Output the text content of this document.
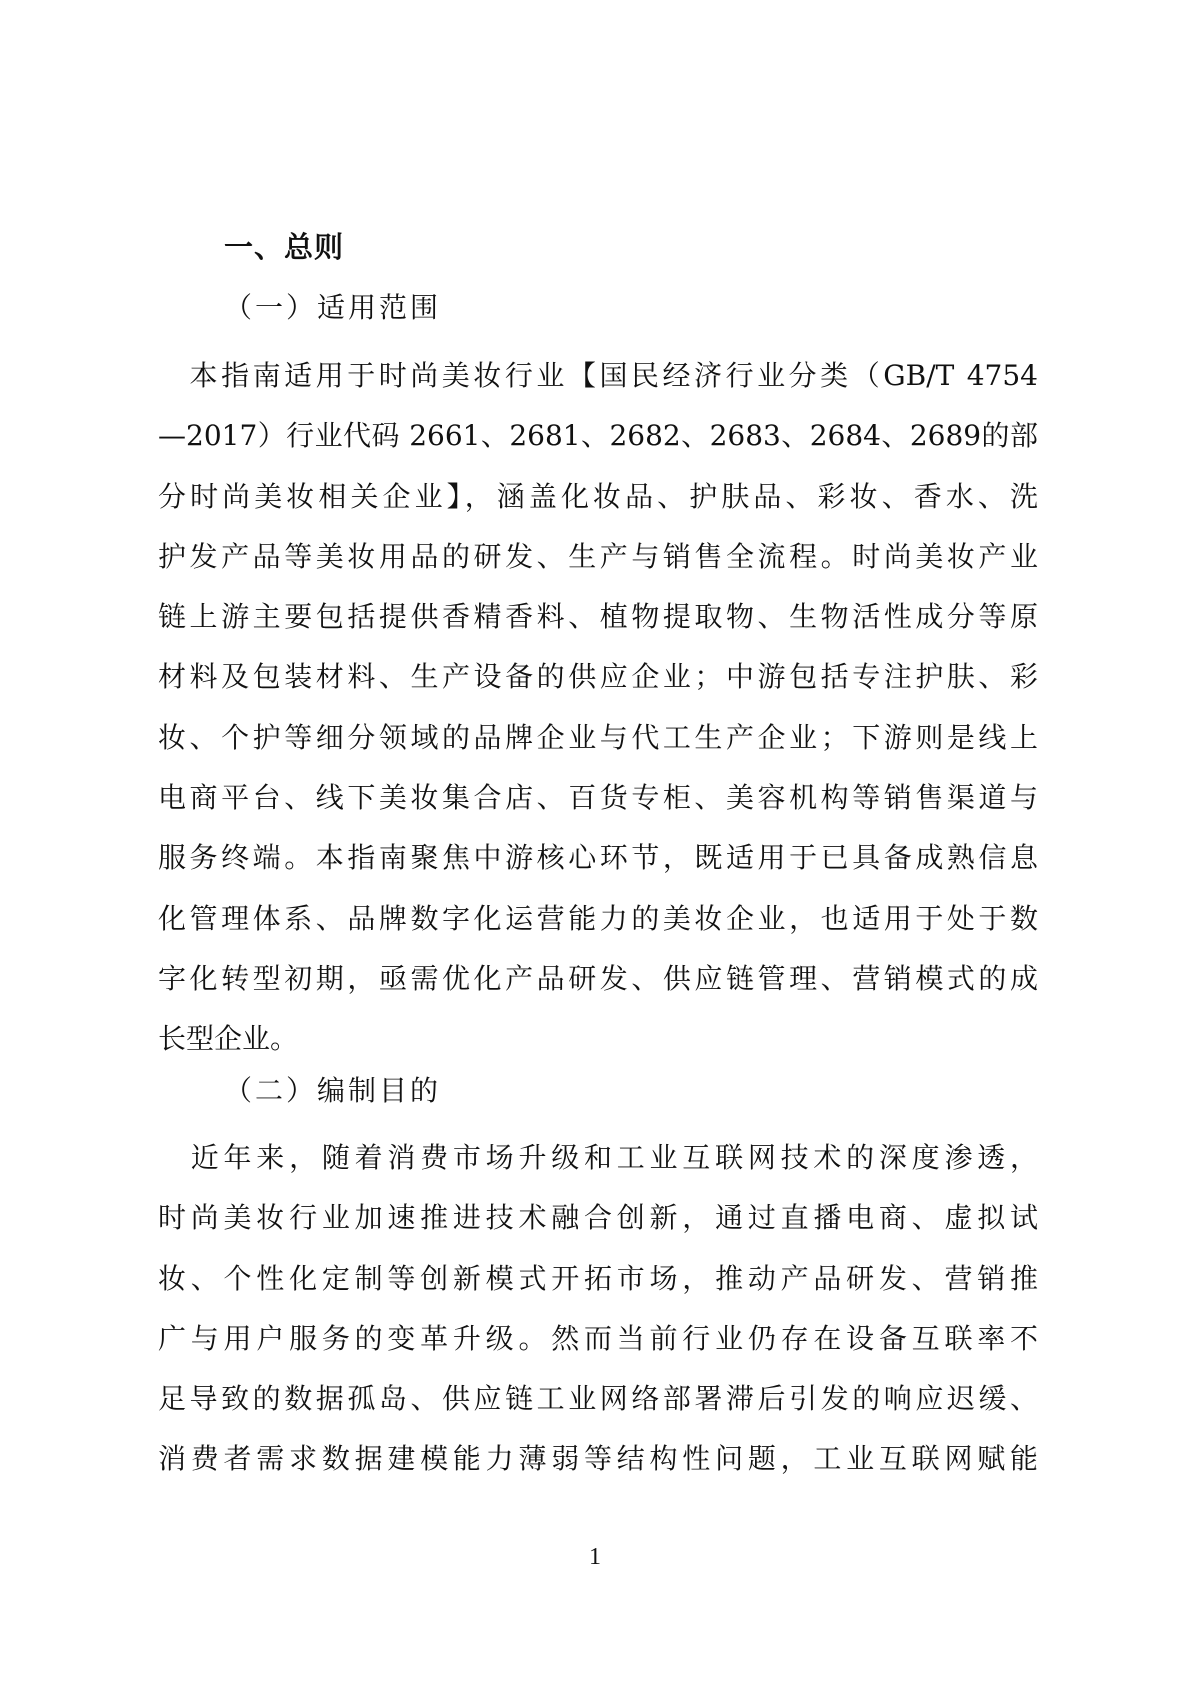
一、总则
（一）适用范围
　本指南适用于时尚美妆行业【国民经济行业分类（GB/T 4754
—2017）行业代码 2661、2681、2682、2683、2684、2689的部
分时尚美妆相关企业】，涵盖化妆品、护肤品、彩妆、香水、洗
护发产品等美妆用品的研发、生产与销售全流程。时尚美妆产业
链上游主要包括提供香精香料、植物提取物、生物活性成分等原
材料及包装材料、生产设备的供应企业；中游包括专注护肤、彩
妆、个护等细分领域的品牌企业与代工生产企业；下游则是线上
电商平台、线下美妆集合店、百货专柜、美容机构等销售渠道与
服务终端。本指南聚焦中游核心环节，既适用于已具备成熟信息
化管理体系、品牌数字化运营能力的美妆企业，也适用于处于数
字化转型初期，亟需优化产品研发、供应链管理、营销模式的成
长型企业。
（二）编制目的
　近年来，随着消费市场升级和工业互联网技术的深度渗透，
时尚美妆行业加速推进技术融合创新，通过直播电商、虚拟试
妆、个性化定制等创新模式开拓市场，推动产品研发、营销推
广与用户服务的变革升级。然而当前行业仍存在设备互联率不
足导致的数据孤岛、供应链工业网络部署滞后引发的响应迟缓、
消费者需求数据建模能力薄弱等结构性问题，工业互联网赋能
1
